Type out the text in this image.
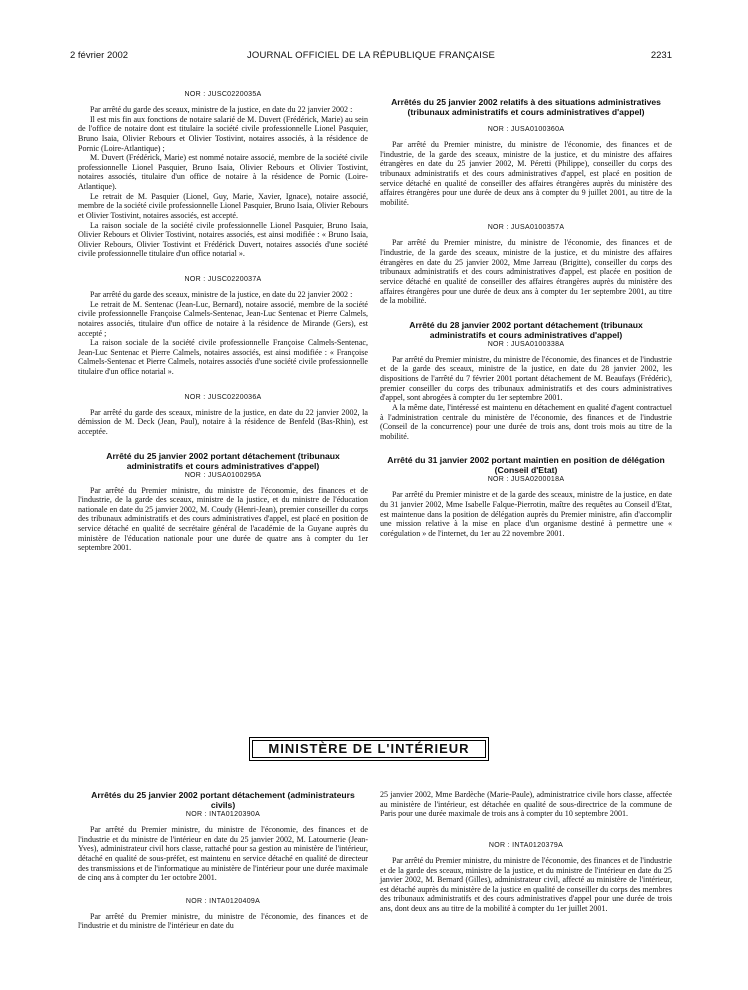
2 février 2002	JOURNAL OFFICIEL DE LA RÉPUBLIQUE FRANÇAISE	2231
NOR : JUSC0220035A

Par arrêté du garde des sceaux, ministre de la justice, en date du 22 janvier 2002 :

Il est mis fin aux fonctions de notaire salarié de M. Duvert (Frédérick, Marie) au sein de l'office de notaire dont est titulaire la société civile professionnelle Lionel Pasquier, Bruno Isaia, Olivier Rebours et Olivier Tostivint, notaires associés, à la résidence de Pornic (Loire-Atlantique) ;

M. Duvert (Frédérick, Marie) est nommé notaire associé, membre de la société civile professionnelle Lionel Pasquier, Bruno Isaia, Olivier Rebours et Olivier Tostivint, notaires associés, titulaire d'un office de notaire à la résidence de Pornic (Loire-Atlantique).

Le retrait de M. Pasquier (Lionel, Guy, Marie, Xavier, Ignace), notaire associé, membre de la société civile professionnelle Lionel Pasquier, Bruno Isaia, Olivier Rebours et Olivier Tostivint, notaires associés, est accepté.

La raison sociale de la société civile professionnelle Lionel Pasquier, Bruno Isaia, Olivier Rebours et Olivier Tostivint, notaires associés, est ainsi modifiée : « Bruno Isaia, Olivier Rebours, Olivier Tostivint et Frédérick Duvert, notaires associés d'une société civile professionnelle titulaire d'un office notarial ».

NOR : JUSC0220037A

Par arrêté du garde des sceaux, ministre de la justice, en date du 22 janvier 2002 :

Le retrait de M. Sentenac (Jean-Luc, Bernard), notaire associé, membre de la société civile professionnelle Françoise Calmels-Sentenac, Jean-Luc Sentenac et Pierre Calmels, notaires associés, titulaire d'un office de notaire à la résidence de Mirande (Gers), est accepté ;

La raison sociale de la société civile professionnelle Françoise Calmels-Sentenac, Jean-Luc Sentenac et Pierre Calmels, notaires associés, est ainsi modifiée : « Françoise Calmels-Sentenac et Pierre Calmels, notaires associés d'une société civile professionnelle titulaire d'un office notarial ».

NOR : JUSC0220036A

Par arrêté du garde des sceaux, ministre de la justice, en date du 22 janvier 2002, la démission de M. Deck (Jean, Paul), notaire à la résidence de Benfeld (Bas-Rhin), est acceptée.

Arrêté du 25 janvier 2002 portant détachement (tribunaux administratifs et cours administratives d'appel)
NOR : JUSA0100295A

Par arrêté du Premier ministre, du ministre de l'économie, des finances et de l'industrie, de la garde des sceaux, ministre de la justice, et du ministre de l'éducation nationale en date du 25 janvier 2002, M. Coudy (Henri-Jean), premier conseiller du corps des tribunaux administratifs et des cours administratives d'appel, est placé en position de service détaché en qualité de secrétaire général de l'académie de la Guyane auprès du ministère de l'éducation nationale pour une durée de quatre ans à compter du 1er septembre 2001.

Arrêtés du 25 janvier 2002 relatifs à des situations administratives (tribunaux administratifs et cours administratives d'appel)
NOR : JUSA0100360A

Par arrêté du Premier ministre, du ministre de l'économie, des finances et de l'industrie, de la garde des sceaux, ministre de la justice, et du ministre des affaires étrangères en date du 25 janvier 2002, M. Péretti (Philippe), conseiller du corps des tribunaux administratifs et des cours administratives d'appel, est placé en position de service détaché en qualité de conseiller des affaires étrangères auprès du ministère des affaires étrangères pour une durée de deux ans à compter du 9 juillet 2001, au titre de la mobilité.

NOR : JUSA0100357A

Par arrêté du Premier ministre, du ministre de l'économie, des finances et de l'industrie, de la garde des sceaux, ministre de la justice, et du ministre des affaires étrangères en date du 25 janvier 2002, Mme Jarreau (Brigitte), conseiller du corps des tribunaux administratifs et des cours administratives d'appel, est placée en position de service détaché en qualité de conseiller des affaires étrangères auprès du ministère des affaires étrangères pour une durée de deux ans à compter du 1er septembre 2001, au titre de la mobilité.

Arrêté du 28 janvier 2002 portant détachement (tribunaux administratifs et cours administratives d'appel)
NOR : JUSA0100338A

Par arrêté du Premier ministre, du ministre de l'économie, des finances et de l'industrie et de la garde des sceaux, ministre de la justice, en date du 28 janvier 2002, les dispositions de l'arrêté du 7 février 2001 portant détachement de M. Beaufays (Frédéric), premier conseiller du corps des tribunaux administratifs et des cours administratives d'appel, sont abrogées à compter du 1er septembre 2001.

A la même date, l'intéressé est maintenu en détachement en qualité d'agent contractuel à l'administration centrale du ministère de l'économie, des finances et de l'industrie (Conseil de la concurrence) pour une durée de trois ans, dont trois mois au titre de la mobilité.

Arrêté du 31 janvier 2002 portant maintien en position de délégation (Conseil d'Etat)
NOR : JUSA0200018A

Par arrêté du Premier ministre et de la garde des sceaux, ministre de la justice, en date du 31 janvier 2002, Mme Isabelle Falque-Pierrotin, maître des requêtes au Conseil d'Etat, est maintenue dans la position de délégation auprès du Premier ministre, afin d'accomplir une mission relative à la mise en place d'un organisme destiné à permettre une « corégulation » de l'internet, du 1er au 22 novembre 2001.

MINISTÈRE DE L'INTÉRIEUR
Arrêtés du 25 janvier 2002 portant détachement (administrateurs civils)
NOR : INTA0120390A

Par arrêté du Premier ministre, du ministre de l'économie, des finances et de l'industrie et du ministre de l'intérieur en date du 25 janvier 2002, M. Latournerie (Jean-Yves), administrateur civil hors classe, rattaché pour sa gestion au ministère de l'intérieur, détaché en qualité de sous-préfet, est maintenu en service détaché en qualité de directeur des transmissions et de l'informatique au ministère de l'intérieur pour une durée maximale de cinq ans à compter du 1er octobre 2001.

NOR : INTA0120409A

Par arrêté du Premier ministre, du ministre de l'économie, des finances et de l'industrie et du ministre de l'intérieur en date du

25 janvier 2002, Mme Bardèche (Marie-Paule), administratrice civile hors classe, affectée au ministère de l'intérieur, est détachée en qualité de sous-directrice de la commune de Paris pour une durée maximale de trois ans à compter du 10 septembre 2001.

NOR : INTA0120379A

Par arrêté du Premier ministre, du ministre de l'économie, des finances et de l'industrie et de la garde des sceaux, ministre de la justice, et du ministre de l'intérieur en date du 25 janvier 2002, M. Bernard (Gilles), administrateur civil, affecté au ministère de l'intérieur, est détaché auprès du ministère de la justice en qualité de conseiller du corps des membres des tribunaux administratifs et des cours administratives d'appel pour une durée de trois ans, dont deux ans au titre de la mobilité à compter du 1er juillet 2001.
